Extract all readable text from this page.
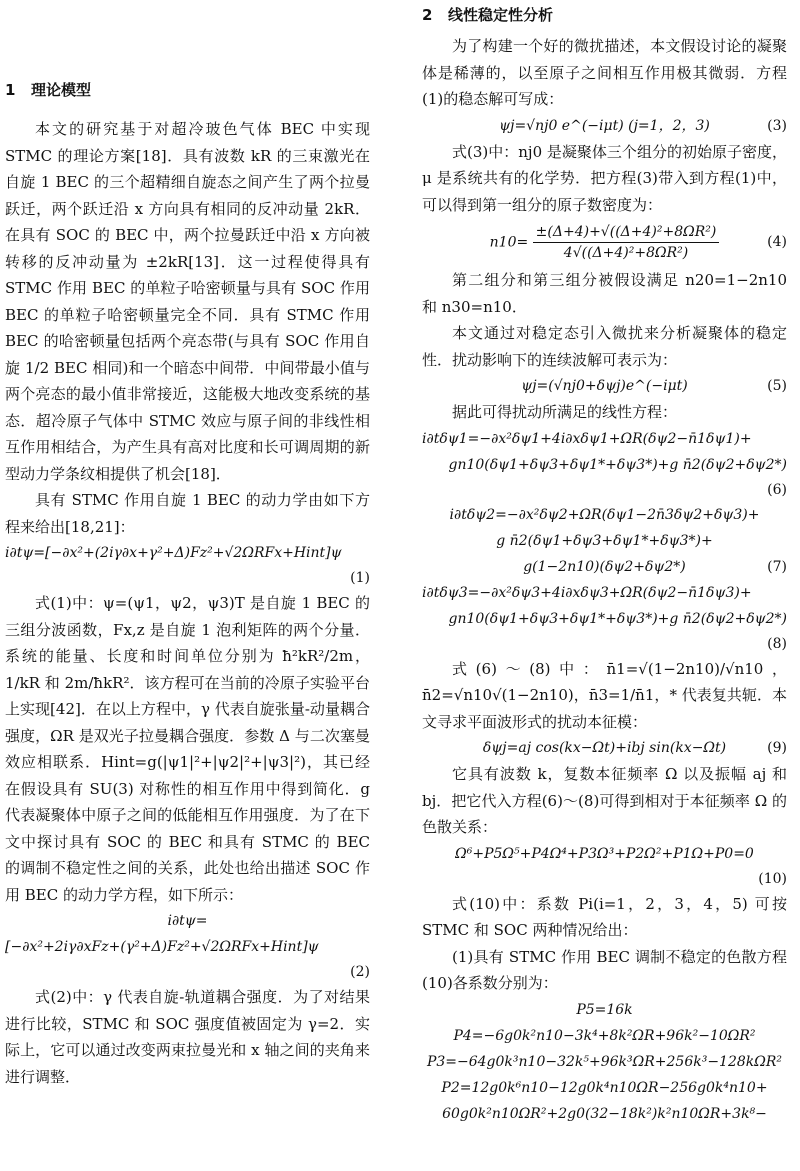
1 理论模型

本文的研究基于对超冷玻色气体 BEC 中实现 STMC 的理论方案[18]．具有波数 kR 的三束激光在自旋 1 BEC 的三个超精细自旋态之间产生了两个拉曼跃迁，两个跃迁沿 x 方向具有相同的反冲动量 2kR．在具有 SOC 的 BEC 中，两个拉曼跃迁中沿 x 方向被转移的反冲动量为 ±2kR[13]．这一过程使得具有 STMC 作用 BEC 的单粒子哈密顿量与具有 SOC 作用 BEC 的单粒子哈密顿量完全不同．具有 STMC 作用 BEC 的哈密顿量包括两个亮态带(与具有 SOC 作用自旋 1/2 BEC 相同)和一个暗态中间带．中间带最小值与两个亮态的最小值非常接近，这能极大地改变系统的基态．超冷原子气体中 STMC 效应与原子间的非线性相互作用相结合，为产生具有高对比度和长可调周期的新型动力学条纹相提供了机会[18]．

具有 STMC 作用自旋 1 BEC 的动力学由如下方程来给出[18,21]：

i∂tψ=[−∂x²+(2iγ∂x+γ²+Δ)Fz²+√2ΩRFx+Hint]ψ
(1)

式(1)中：ψ=(ψ1，ψ2，ψ3)T 是自旋 1 BEC 的三组分波函数，Fx,z 是自旋 1 泡利矩阵的两个分量．系统的能量、长度和时间单位分别为 ħ²kR²/2m，1/kR 和 2m/ħkR²．该方程可在当前的冷原子实验平台上实现[42]．在以上方程中，γ 代表自旋张量-动量耦合强度，ΩR 是双光子拉曼耦合强度．参数 Δ 与二次塞曼效应相联系．Hint=g(|ψ1|²+|ψ2|²+|ψ3|²)，其已经在假设具有 SU(3) 对称性的相互作用中得到简化．g 代表凝聚体中原子之间的低能相互作用强度．为了在下文中探讨具有 SOC 的 BEC 和具有 STMC 的 BEC 的调制不稳定性之间的关系，此处也给出描述 SOC 作用 BEC 的动力学方程，如下所示：

i∂tψ=
[−∂x²+2iγ∂xFz+(γ²+Δ)Fz²+√2ΩRFx+Hint]ψ
(2)

式(2)中：γ 代表自旋-轨道耦合强度．为了对结果进行比较，STMC 和 SOC 强度值被固定为 γ=2．实际上，它可以通过改变两束拉曼光和 x 轴之间的夹角来进行调整．

2 线性稳定性分析

为了构建一个好的微扰描述，本文假设讨论的凝聚体是稀薄的，以至原子之间相互作用极其微弱．方程(1)的稳态解可写成：

ψj=√nj0 e^(−iμt) (j=1，2，3)	(3)

式(3)中：nj0 是凝聚体三个组分的初始原子密度，μ 是系统共有的化学势．把方程(3)带入到方程(1)中，可以得到第一组分的原子数密度为：

$n10= \frac{\text{±(Δ+4)+√((Δ+4)²+8ΩR²)}}{\text{4√((Δ+4)²+8ΩR²)}}$	(4)

第二组分和第三组分被假设满足 n20=1−2n10 和 n30=n10．

本文通过对稳定态引入微扰来分析凝聚体的稳定性．扰动影响下的连续波解可表示为：

ψj=(√nj0+δψj)e^(−iμt)	(5)

据此可得扰动所满足的线性方程：

i∂tδψ1=−∂x²δψ1+4i∂xδψ1+ΩR(δψ2−n̄1δψ1)+
gn10(δψ1+δψ3+δψ1*+δψ3*)+g n̄2(δψ2+δψ2*)
(6)
i∂tδψ2=−∂x²δψ2+ΩR(δψ1−2n̄3δψ2+δψ3)+
g n̄2(δψ1+δψ3+δψ1*+δψ3*)+
g(1−2n10)(δψ2+δψ2*)	(7)
i∂tδψ3=−∂x²δψ3+4i∂xδψ3+ΩR(δψ2−n̄1δψ3)+
gn10(δψ1+δψ3+δψ1*+δψ3*)+g n̄2(δψ2+δψ2*)
(8)

式(6)～(8)中：n̄1=√(1−2n10)/√n10，n̄2=√n10√(1−2n10)，n̄3=1/n̄1，* 代表复共轭．本文寻求平面波形式的扰动本征模：

δψj=aj cos(kx−Ωt)+ibj sin(kx−Ωt)	(9)

它具有波数 k，复数本征频率 Ω 以及振幅 aj 和 bj．把它代入方程(6)～(8)可得到相对于本征频率 Ω 的色散关系：

Ω⁶+P5Ω⁵+P4Ω⁴+P3Ω³+P2Ω²+P1Ω+P0=0
(10)

式(10)中：系数 Pi(i=1，2，3，4，5) 可按 STMC 和 SOC 两种情况给出：

(1)具有 STMC 作用 BEC 调制不稳定的色散方程(10)各系数分别为：

P5=16k
P4=−6g0k²n10−3k⁴+8k²ΩR+96k²−10ΩR²
P3=−64g0k³n10−32k⁵+96k³ΩR+256k³−128kΩR²
P2=12g0k⁶n10−12g0k⁴n10ΩR−256g0k⁴n10+
60g0k²n10ΩR²+2g0(32−18k²)k²n10ΩR+3k⁸−
